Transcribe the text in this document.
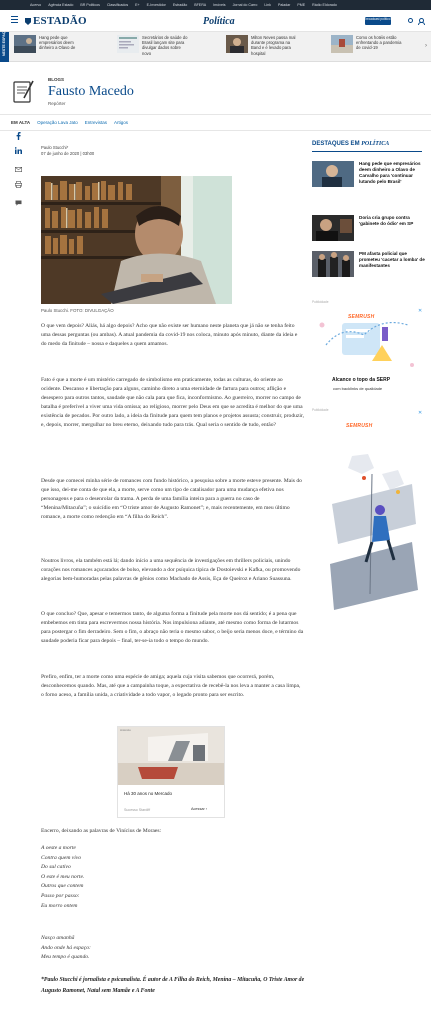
Acervo Agência Estado BR Políticos Classificados E+ E-Investidor Estradão BFERA Imóveis Jornal do Carro Link Paladar PME Rádio Eldorado
ESTADÃO	Política	broadcast político
NESTE ESPAÇO	Hang pede que empresários deem dinheiro a Olavo de
Secretários de saúde do Brasil lançam site para divulgar dados sobre novo
Milton Neves passa mal durante programa na Band e é levado para hospital
Como os hotéis estão enfrentando a pandemia de covid-19	›
BLOGS
Fausto Macedo
Repórter
EM ALTA Operação Lava Jato Entrevistas Artigos
Paulo Stucchi*
07 de junho de 2020 | 03h00
Paulo Stucchi. FOTO: DIVULGAÇÃO

O que vem depois? Aliás, há algo depois? Acho que não existe ser humano neste planeta que já não se tenha feito uma dessas perguntas (ou ambas). A atual pandemia da covid-19 nos coloca, minuto após minuto, diante da ideia e do medo da finitude – nossa e daqueles a quem amamos.

Fato é que a morte é um mistério carregado de simbolismo em praticamente, todas as culturas, do oriente ao ocidente. Descanso e libertação para alguns, caminho direto a uma eternidade de fartura para outros; aflição e desespero para outros tantos, saudade que não cala para que fica, inconformismo. Ao guerreiro, morrer no campo de batalha é preferível a viver uma vida omissa; ao religioso, morrer pelo Deus em que se acredita é melhor do que uma existência de pecados. Por outro lado, a ideia da finitude para quem tem planos e projetos assusta; construir, produzir, e, depois, morrer, mergulhar no breu eterno, deixando tudo para trás. Qual seria o sentido de tudo, então?

Desde que comecei minha série de romances com fundo histórico, a pesquisa sobre a morte esteve presente. Mais do que isso, dei-me conta de que ela, a morte, serve como um tipo de catalisador para uma mudança efetiva nos personagens e para o desenrolar da trama. A perda de uma família inteira para a guerra no caso de “Menina/Mitacuña”; o suicídio em “O triste amor de Augusto Ramonet”; e, mais recentemente, em meu último romance, a morte como redenção em “A filha do Reich”.

Noutros livros, ela também está lá; dando início a uma sequência de investigações em thrillers policiais, unindo corações nos romances açucarados de bolso, elevando a dor psíquica típica de Dostoievski e Kafka, ou promovendo alegorias bem-humoradas pelas palavras de gênios como Machado de Assis, Eça de Queiroz e Ariano Suassuna.

O que concluo? Que, apesar e temermos tanto, de alguma forma a finitude pela morte nos dá sentido; é a pena que embebemos em tinta para escrevermos nossa história. Nos impulsiona adiante, até mesmo como forma de lutarmos para postergar o fim derradeiro. Sem o fim, o abraço não teria o mesmo sabor, o beijo seria menos doce, e término da saudade poderia ficar para depois – final, ter-se-ia todo o tempo do mundo.

Prefiro, enfim, ter a morte como uma espécie de amiga; aquela cuja visita sabemos que ocorrerá, porém, desconhecemos quando. Mas, até que a campainha toque, a expectativa de recebê-la nos leva a manter a casa limpa, o forno aceso, a família unida, a criatividade a todo vapor, o legado pronto para ser escrito.

Encerro, deixando as palavras de Vinícius de Moraes:

Anúncio
Há 30 anos no Mercado
Sucesso Stardiff	Acessar ›
A oeste a morte
Contra quem vivo
Do sul cativo
O este é meu norte.
Outros que contem
Passo por passo:
Eu morro ontem
Nasço amanhã
Ando onde há espaço:
Meu tempo é quando.
*Paulo Stucchi é jornalista e psicanalista. É autor de A Filha do Reich, Menina – Mitacuña, O Triste Amor de Augusto Ramonet, Natal sem Mamãe e A Fonte
DESTAQUES EM POLÍTICA
Hang pede que empresários deem dinheiro a Olavo de Carvalho para 'continuar lutando pelo Brasil'
Doria cria grupo contra 'gabinete do ódio' em SP
PM afasta policial que prometeu 'cacetar a lomba' de manifestantes
Publicidade
SEMRUSH
Alcance o topo da SERP
com backlinks de qualidade
✕
Publicidade
SEMRUSH
✕
